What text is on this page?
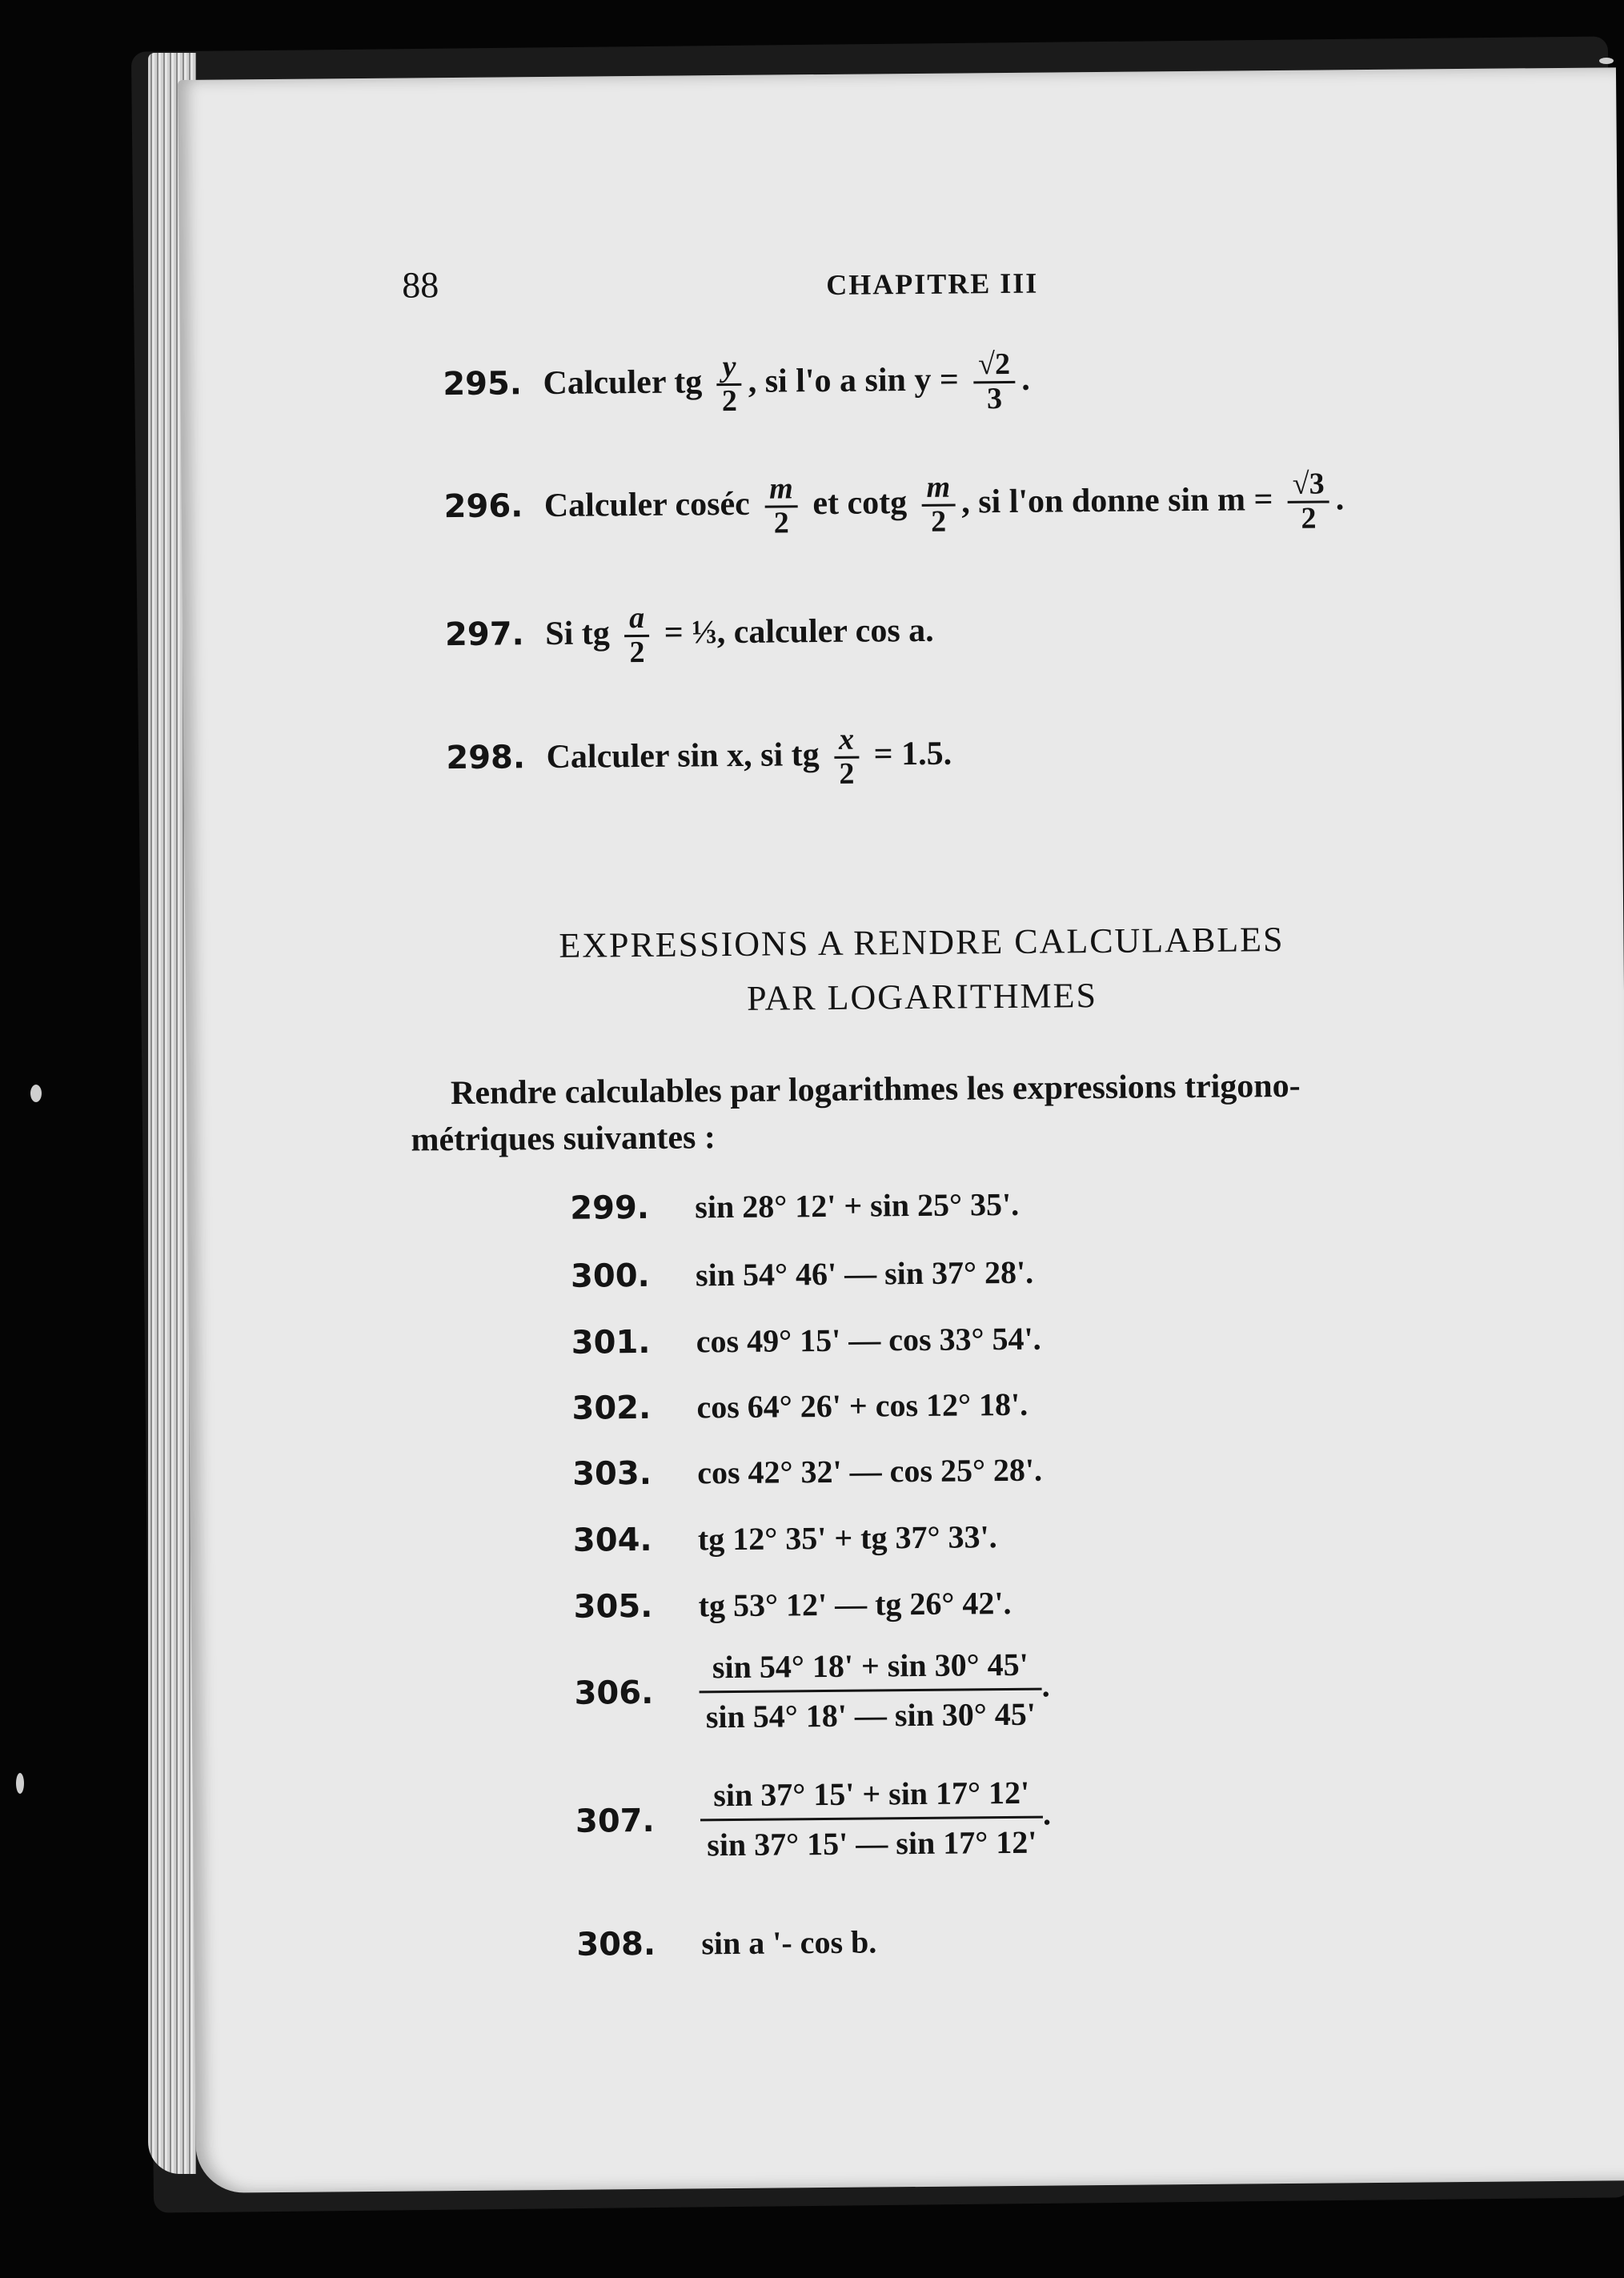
88	CHAPITRE III
295. Calculer tg $\frac{y}{2}$ , si l'o a $\sin y = \frac{√2}{3}$ .
296. Calculer coséc $\frac{m}{2}$ et cotg $\frac{m}{2}$ , si l'on donne $\sin m = \frac{√3}{2}$ .
297. Si tg $\frac{a}{2}$ = ⅓, calculer cos a.
298. Calculer sin x, si tg $\frac{x}{2} = 1.5$.
EXPRESSIONS A RENDRE CALCULABLES
PAR LOGARITHMES
Rendre calculables par logarithmes les expressions trigono-
métriques suivantes :
299. sin 28° 12' + sin 25° 35'.
300. sin 54° 46' — sin 37° 28'.
301. cos 49° 15' — cos 33° 54'.
302. cos 64° 26' + cos 12° 18'.
303. cos 42° 32' — cos 25° 28'.
304. tg 12° 35' + tg 37° 33'.
305. tg 53° 12' — tg 26° 42'.
306. $\frac{\sin 54^\circ 18' + \sin 30^\circ 45'}{\sin 54^\circ 18' — \sin 30^\circ 45'}$ .
307. $\frac{\sin 37^\circ 15' + \sin 17^\circ 12'}{\sin 37^\circ 15' — \sin 17^\circ 12'}$ .
308. sin a '- cos b.
